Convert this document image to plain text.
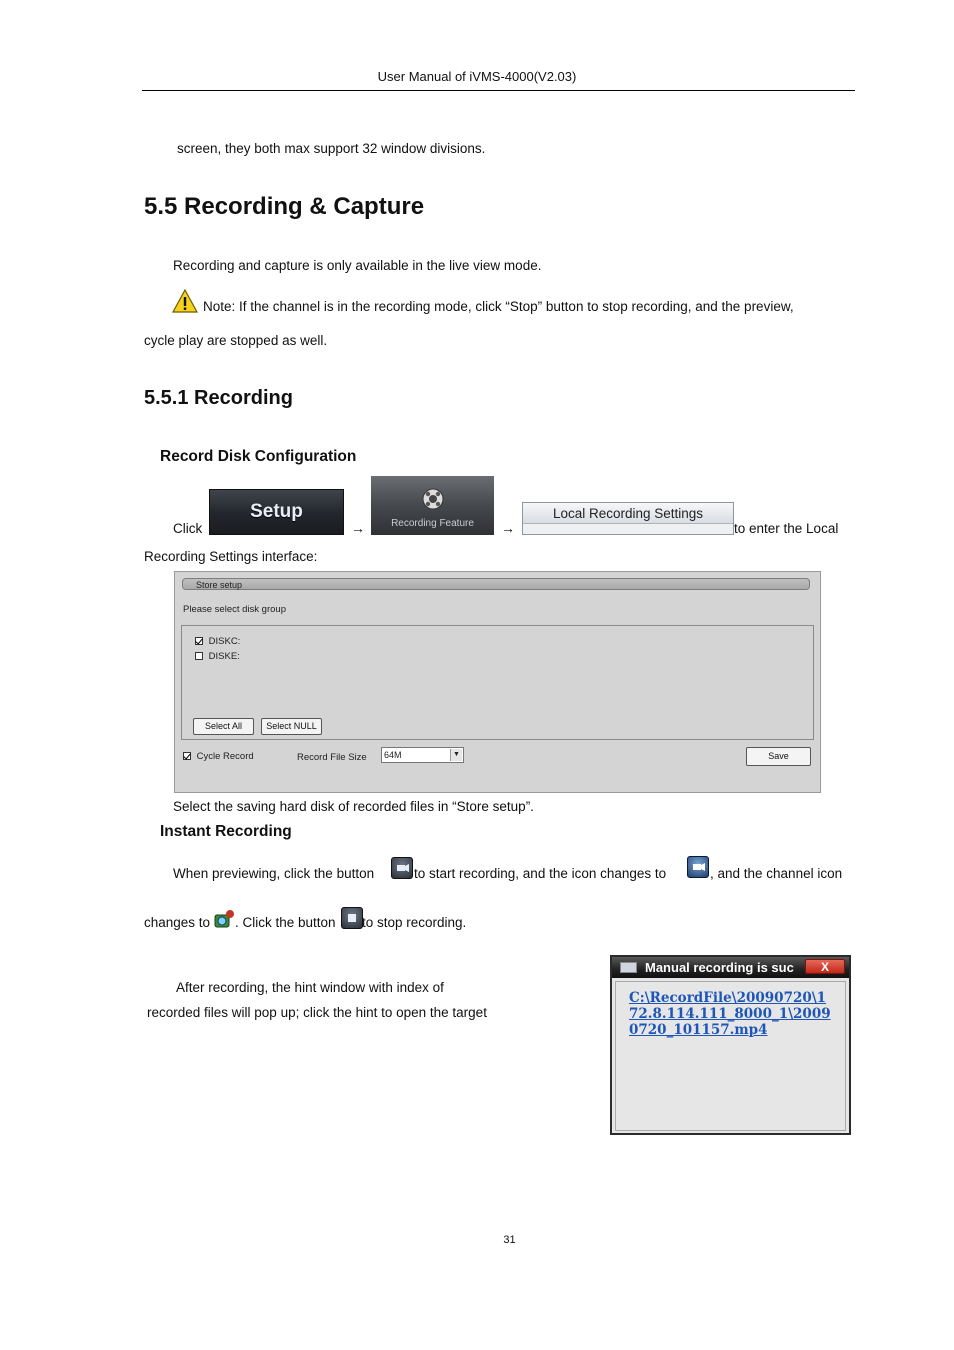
User Manual of iVMS-4000(V2.03)
screen, they both max support 32 window divisions.
5.5 Recording & Capture
Recording and capture is only available in the live view mode.
Note: If the channel is in the recording mode, click “Stop” button to stop recording, and the preview,
cycle play are stopped as well.
5.5.1 Recording
Record Disk Configuration
Click
Setup
→	Recording Feature	→
Local Recording Settings
to enter the Local
Recording Settings interface:
Store setup
Please select disk group
DISKC:
DISKE:
Select All	Select NULL
Cycle Record	Record File Size	64M	▼	Save
Select the saving hard disk of recorded files in “Store setup”.
Instant Recording
When previewing, click the button	to start recording, and the icon changes to	, and the channel icon
changes to . Click the button to stop recording.
After recording, the hint window with index of
recorded files will pop up; click the hint to open the target
Manual recording is suc	X
C:\RecordFile\20090720\172.8.114.111_8000_1\20090720_101157.mp4
31
